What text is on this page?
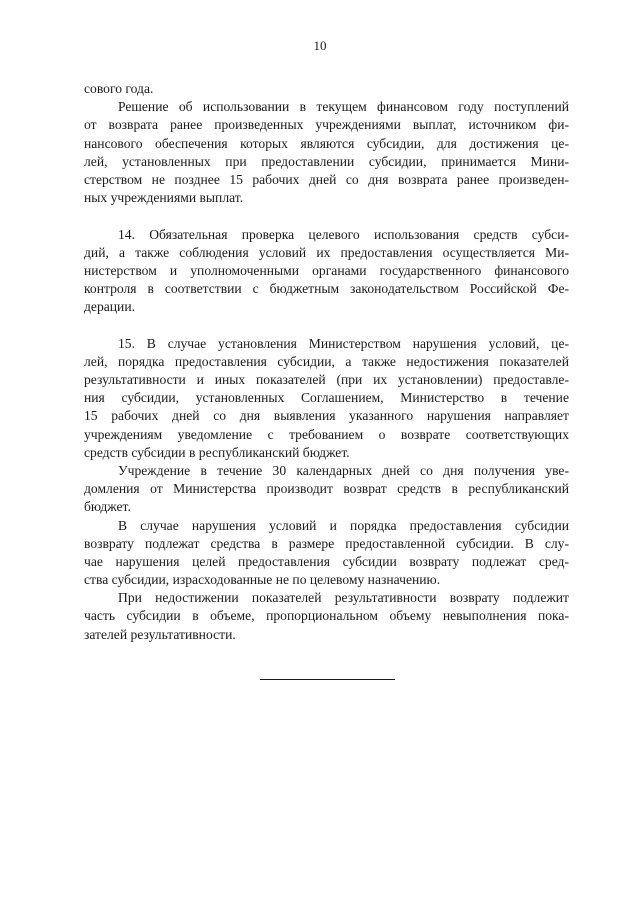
10

сового года.

Решение об использовании в текущем финансовом году поступлений
от возврата ранее произведенных учреждениями выплат, источником фи-
нансового обеспечения которых являются субсидии, для достижения це-
лей, установленных при предоставлении субсидии, принимается Мини-
стерством не позднее 15 рабочих дней со дня возврата ранее произведен-
ных учреждениями выплат.

14. Обязательная проверка целевого использования средств субси-
дий, а также соблюдения условий их предоставления осуществляется Ми-
нистерством и уполномоченными органами государственного финансового
контроля в соответствии с бюджетным законодательством Российской Фе-
дерации.

15. В случае установления Министерством нарушения условий, це-
лей, порядка предоставления субсидии, а также недостижения показателей
результативности и иных показателей (при их установлении) предоставле-
ния субсидии, установленных Соглашением, Министерство в течение
15 рабочих дней со дня выявления указанного нарушения направляет
учреждениям уведомление с требованием о возврате соответствующих
средств субсидии в республиканский бюджет.

Учреждение в течение 30 календарных дней со дня получения уве-
домления от Министерства производит возврат средств в республиканский
бюджет.

В случае нарушения условий и порядка предоставления субсидии
возврату подлежат средства в размере предоставленной субсидии. В слу-
чае нарушения целей предоставления субсидии возврату подлежат сред-
ства субсидии, израсходованные не по целевому назначению.

При недостижении показателей результативности возврату подлежит
часть субсидии в объеме, пропорциональном объему невыполнения пока-
зателей результативности.
